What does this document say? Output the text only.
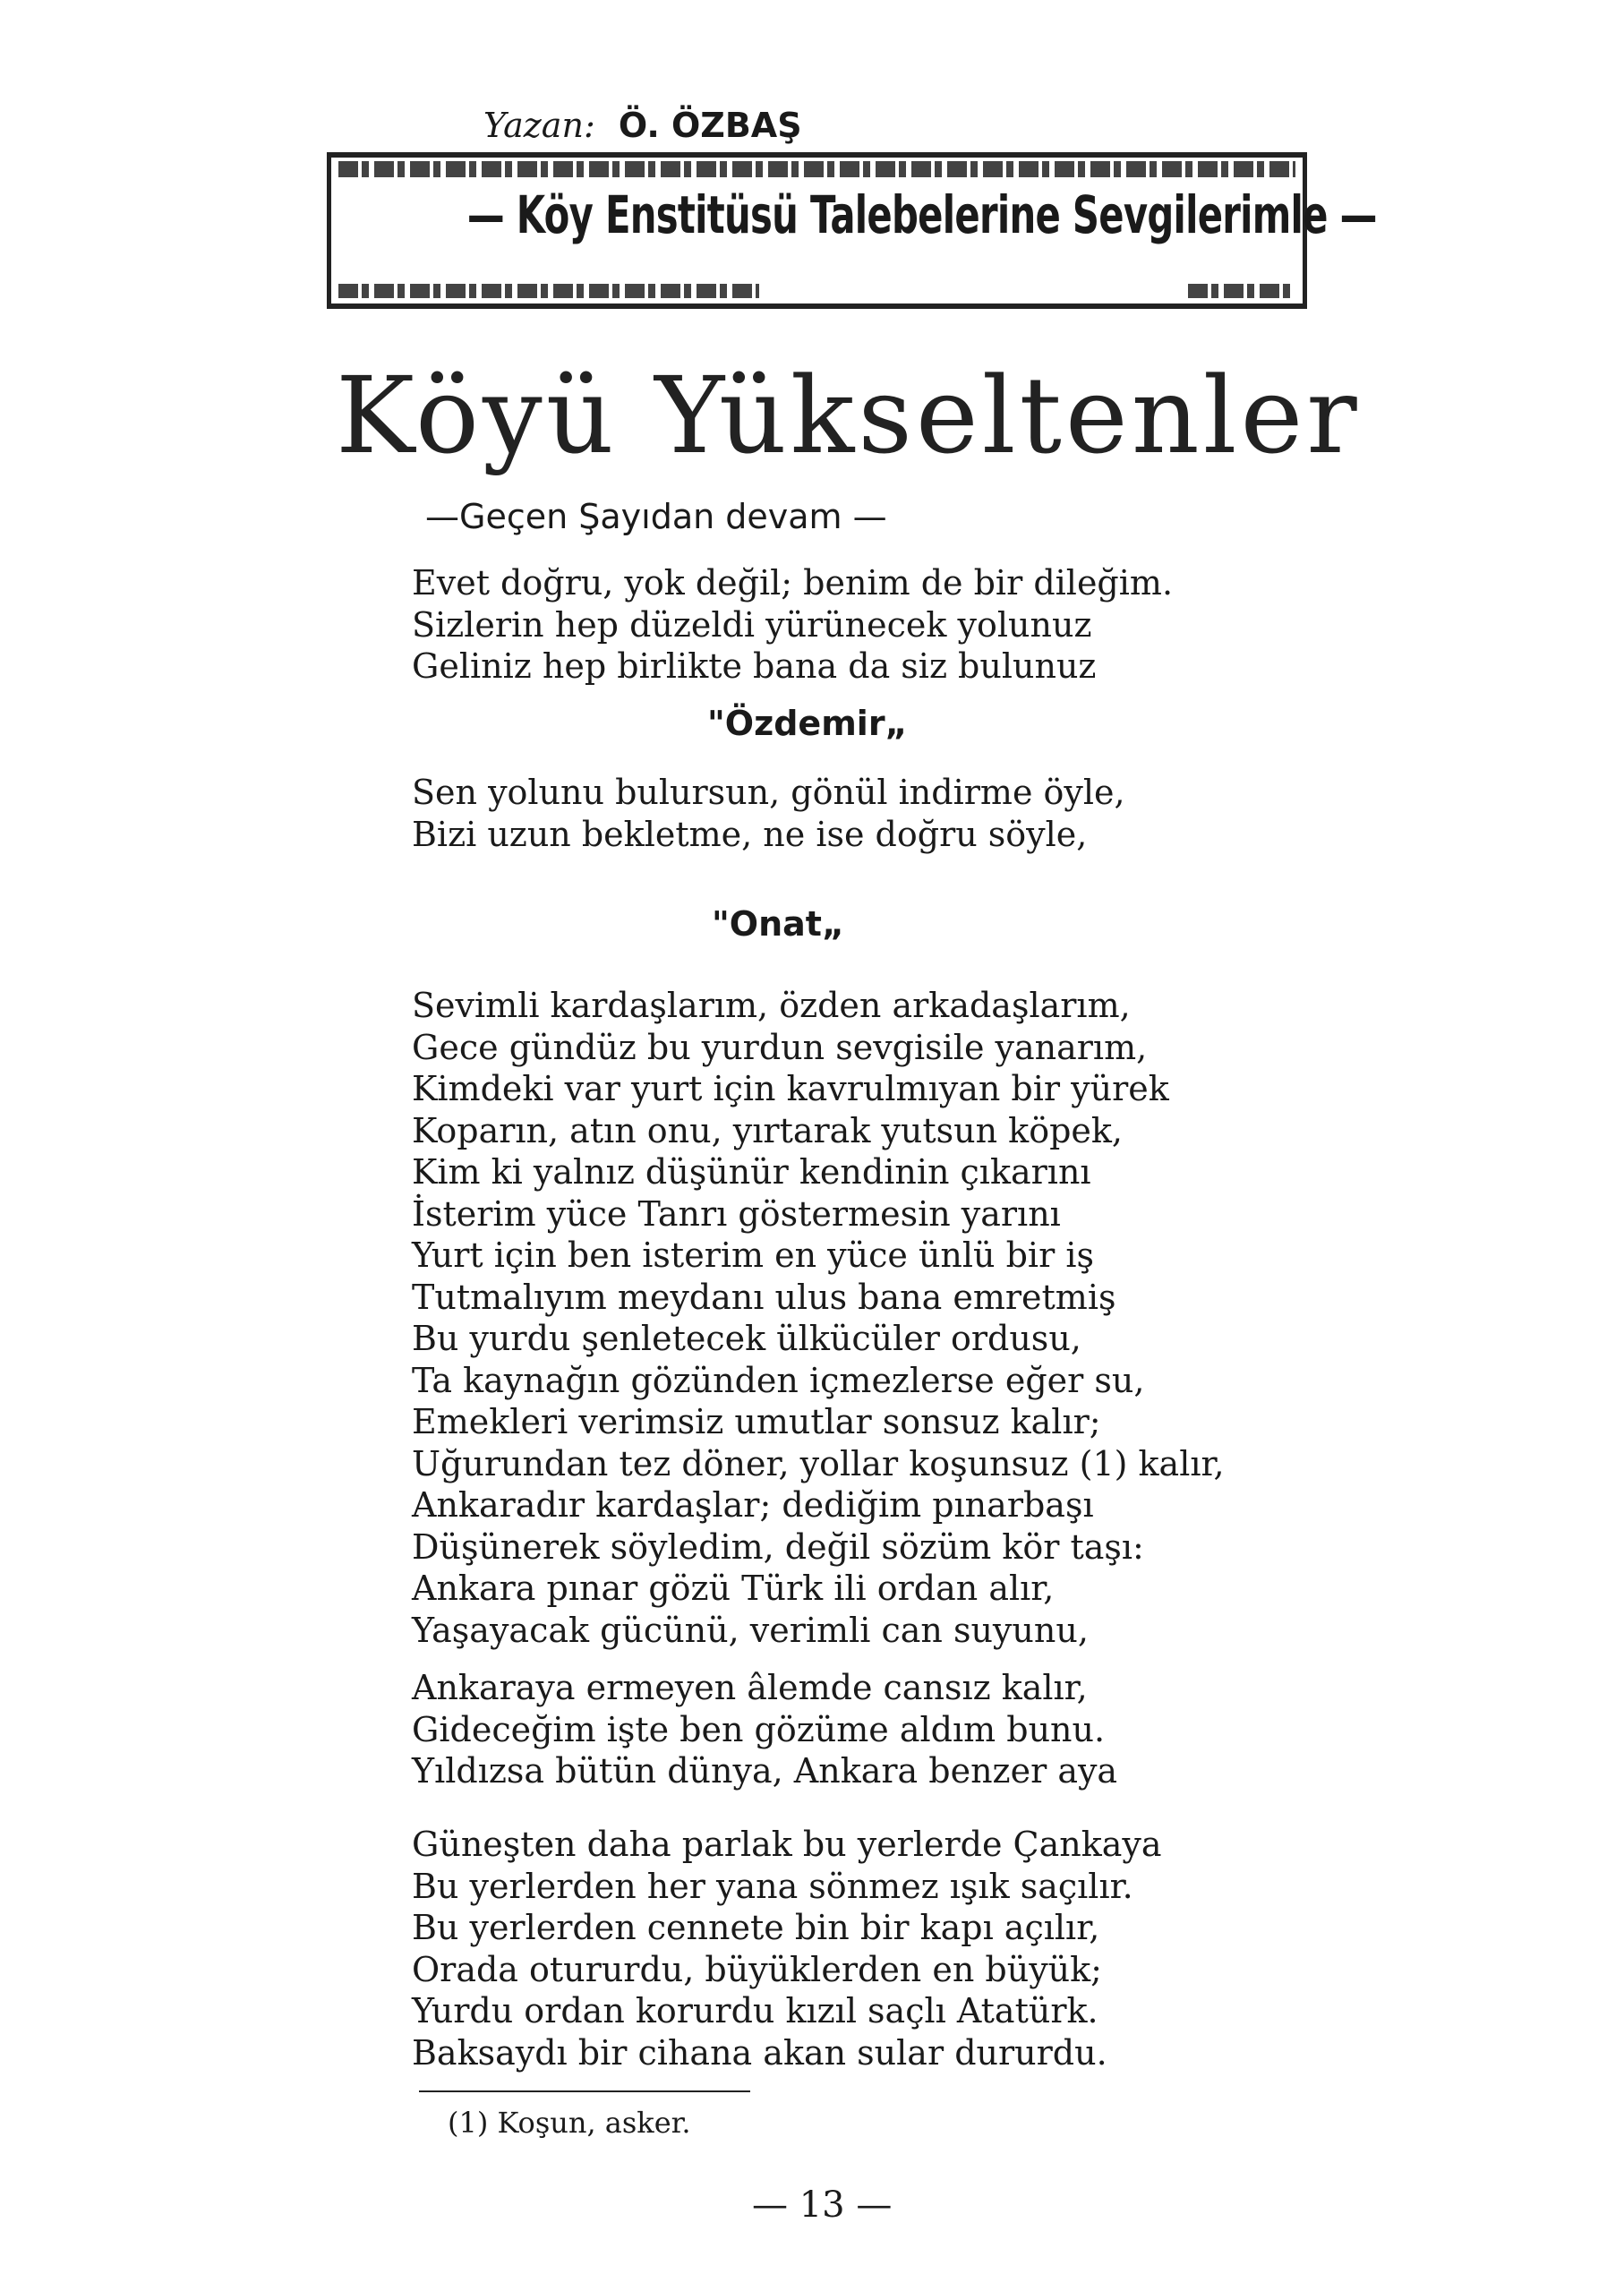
— Köy Enstitüsü Talebelerine Sevgilerimle —
Yazan: Ö. ÖZBAŞ
Köyü Yükseltenler
—Geçen Şayıdan devam —
Evet doğru, yok değil; benim de bir dileğim.
Sizlerin hep düzeldi yürünecek yolunuz
Geliniz hep birlikte bana da siz bulunuz
"Özdemir„
Sen yolunu bulursun, gönül indirme öyle,
Bizi uzun bekletme, ne ise doğru söyle,
"Onat„
Sevimli kardaşlarım, özden arkadaşlarım,
Gece gündüz bu yurdun sevgisile yanarım,
Kimdeki var yurt için kavrulmıyan bir yürek
Koparın, atın onu, yırtarak yutsun köpek,
Kim ki yalnız düşünür kendinin çıkarını
İsterim yüce Tanrı göstermesin yarını
Yurt için ben isterim en yüce ünlü bir iş
Tutmalıyım meydanı ulus bana emretmiş
Bu yurdu şenletecek ülkücüler ordusu,
Ta kaynağın gözünden içmezlerse eğer su,
Emekleri verimsiz umutlar sonsuz kalır;
Uğurundan tez döner, yollar koşunsuz (1) kalır,
Ankaradır kardaşlar; dediğim pınarbaşı
Düşünerek söyledim, değil sözüm kör taşı:
Ankara pınar gözü Türk ili ordan alır,
Yaşayacak gücünü, verimli can suyunu,
Ankaraya ermeyen âlemde cansız kalır,
Gideceğim işte ben gözüme aldım bunu.
Yıldızsa bütün dünya, Ankara benzer aya
Güneşten daha parlak bu yerlerde Çankaya
Bu yerlerden her yana sönmez ışık saçılır.
Bu yerlerden cennete bin bir kapı açılır,
Orada otururdu, büyüklerden en büyük;
Yurdu ordan korurdu kızıl saçlı Atatürk.
Baksaydı bir cihana akan sular dururdu.
(1) Koşun, asker.
— 13 —
